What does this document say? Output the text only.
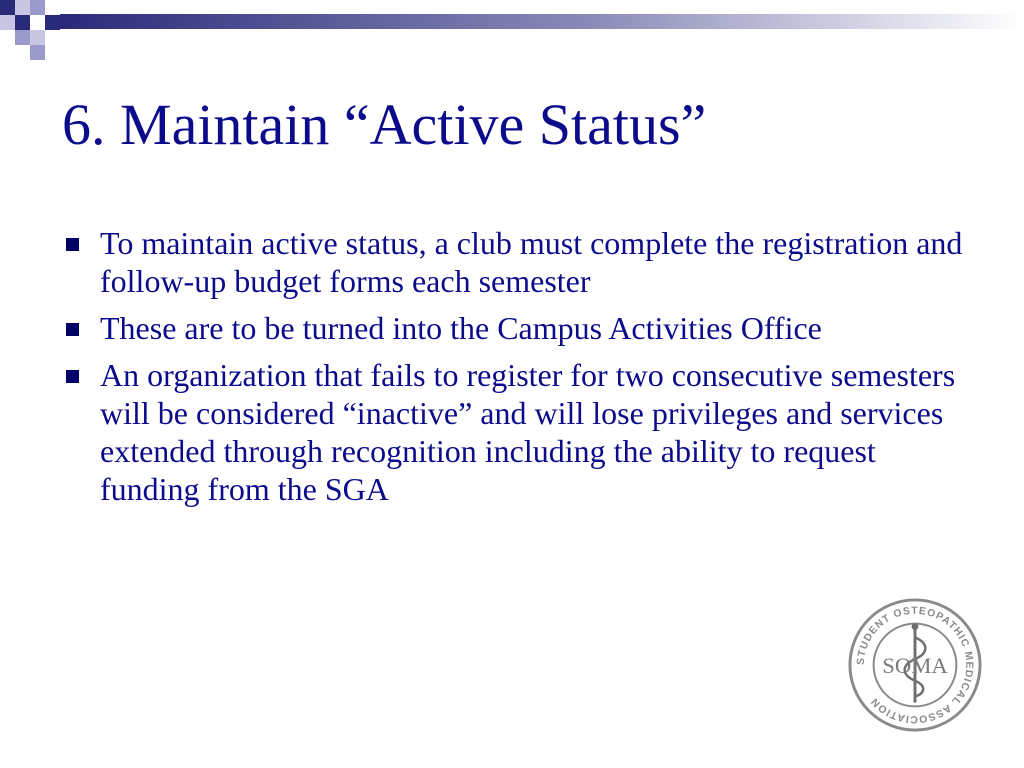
6. Maintain “Active Status”
To maintain active status, a club must complete the registration and follow-up budget forms each semester
These are to be turned into the Campus Activities Office
An organization that fails to register for two consecutive semesters will be considered “inactive” and will lose privileges and services extended through recognition including the ability to request funding from the SGA
STUDENT OSTEOPATHIC MEDICAL ASSOCIATION
SOMA
